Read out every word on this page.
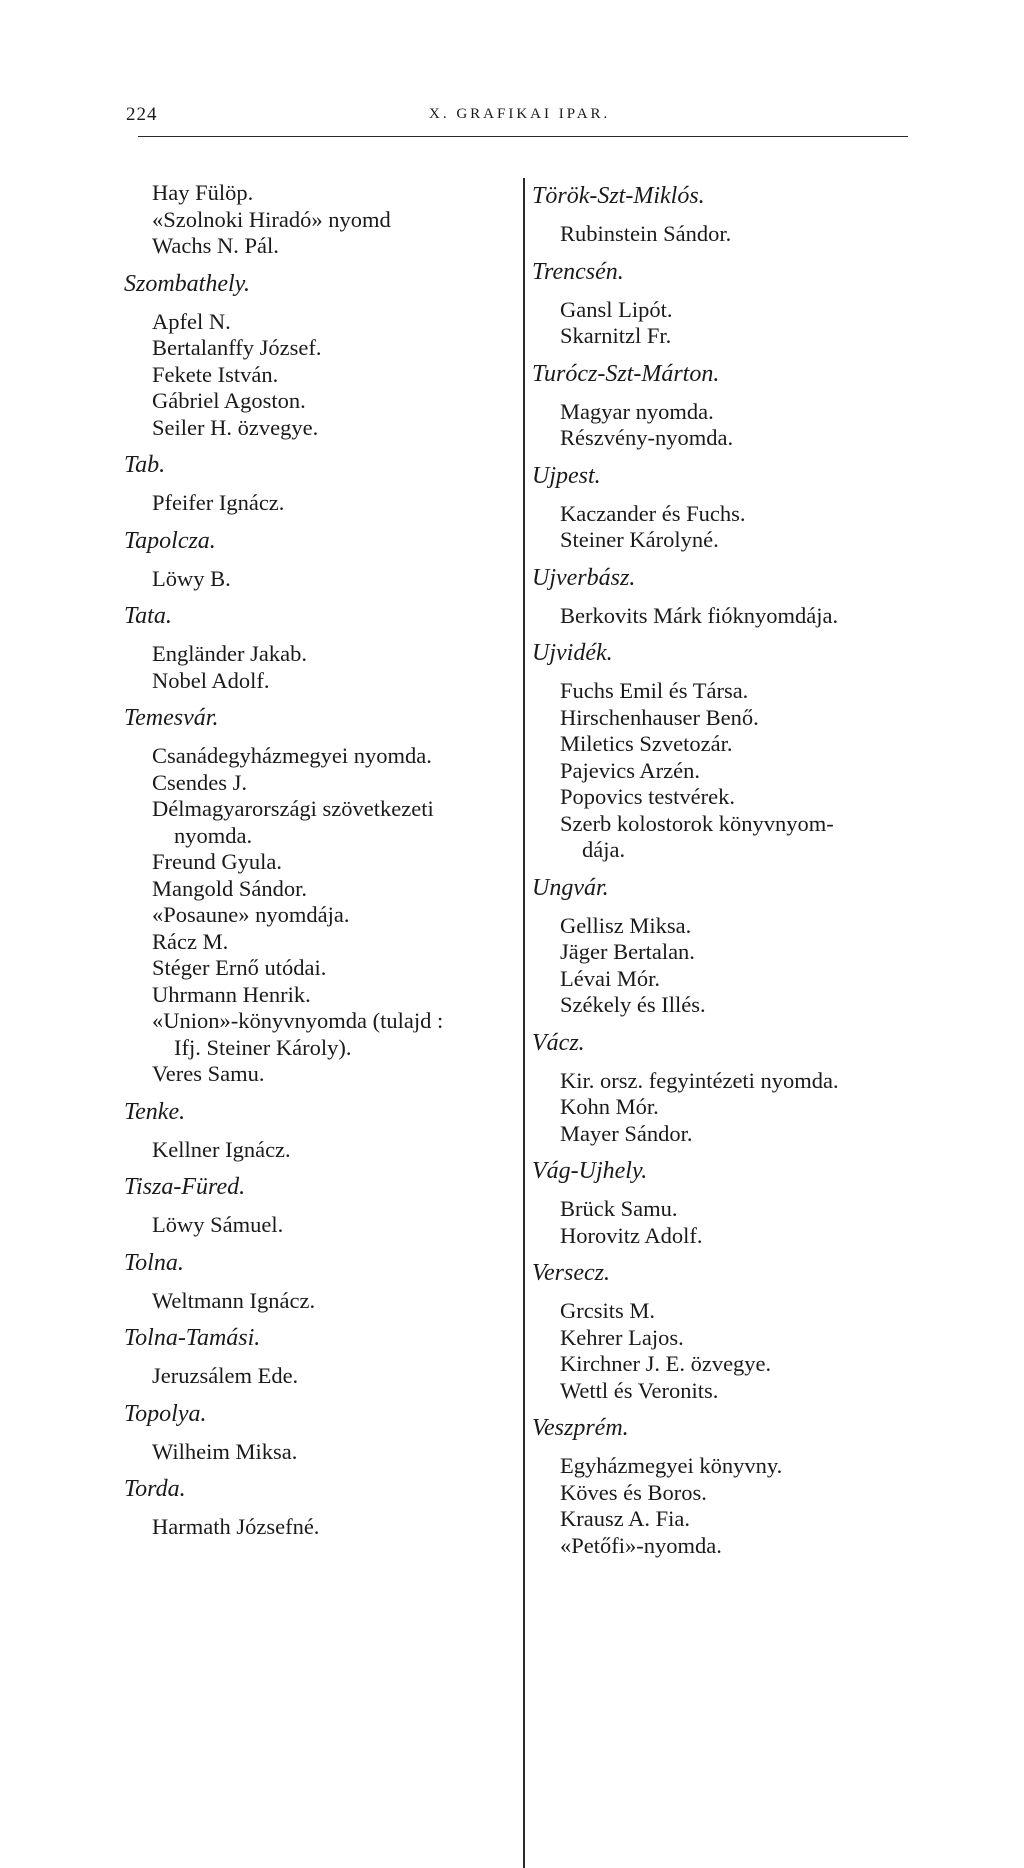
224	X. GRAFIKAI IPAR.
Hay Fülöp.
«Szolnoki Hiradó» nyomd
Wachs N. Pál.
Szombathely.
Apfel N.
Bertalanffy József.
Fekete István.
Gábriel Agoston.
Seiler H. özvegye.
Tab.
Pfeifer Ignácz.
Tapolcza.
Löwy B.
Tata.
Engländer Jakab.
Nobel Adolf.
Temesvár.
Csanádegyházmegyei nyomda.
Csendes J.
Délmagyarországi szövetkezeti
nyomda.
Freund Gyula.
Mangold Sándor.
«Posaune» nyomdája.
Rácz M.
Stéger Ernő utódai.
Uhrmann Henrik.
«Union»-könyvnyomda (tulajd :
Ifj. Steiner Károly).
Veres Samu.
Tenke.
Kellner Ignácz.
Tisza-Füred.
Löwy Sámuel.
Tolna.
Weltmann Ignácz.
Tolna-Tamási.
Jeruzsálem Ede.
Topolya.
Wilheim Miksa.
Torda.
Harmath Józsefné.
Török-Szt-Miklós.
Rubinstein Sándor.
Trencsén.
Gansl Lipót.
Skarnitzl Fr.
Turócz-Szt-Márton.
Magyar nyomda.
Részvény-nyomda.
Ujpest.
Kaczander és Fuchs.
Steiner Károlyné.
Ujverbász.
Berkovits Márk fióknyomdája.
Ujvidék.
Fuchs Emil és Társa.
Hirschenhauser Benő.
Miletics Szvetozár.
Pajevics Arzén.
Popovics testvérek.
Szerb kolostorok könyvnyom-
dája.
Ungvár.
Gellisz Miksa.
Jäger Bertalan.
Lévai Mór.
Székely és Illés.
Vácz.
Kir. orsz. fegyintézeti nyomda.
Kohn Mór.
Mayer Sándor.
Vág-Ujhely.
Brück Samu.
Horovitz Adolf.
Versecz.
Grcsits M.
Kehrer Lajos.
Kirchner J. E. özvegye.
Wettl és Veronits.
Veszprém.
Egyházmegyei könyvny.
Köves és Boros.
Krausz A. Fia.
«Petőfi»-nyomda.
